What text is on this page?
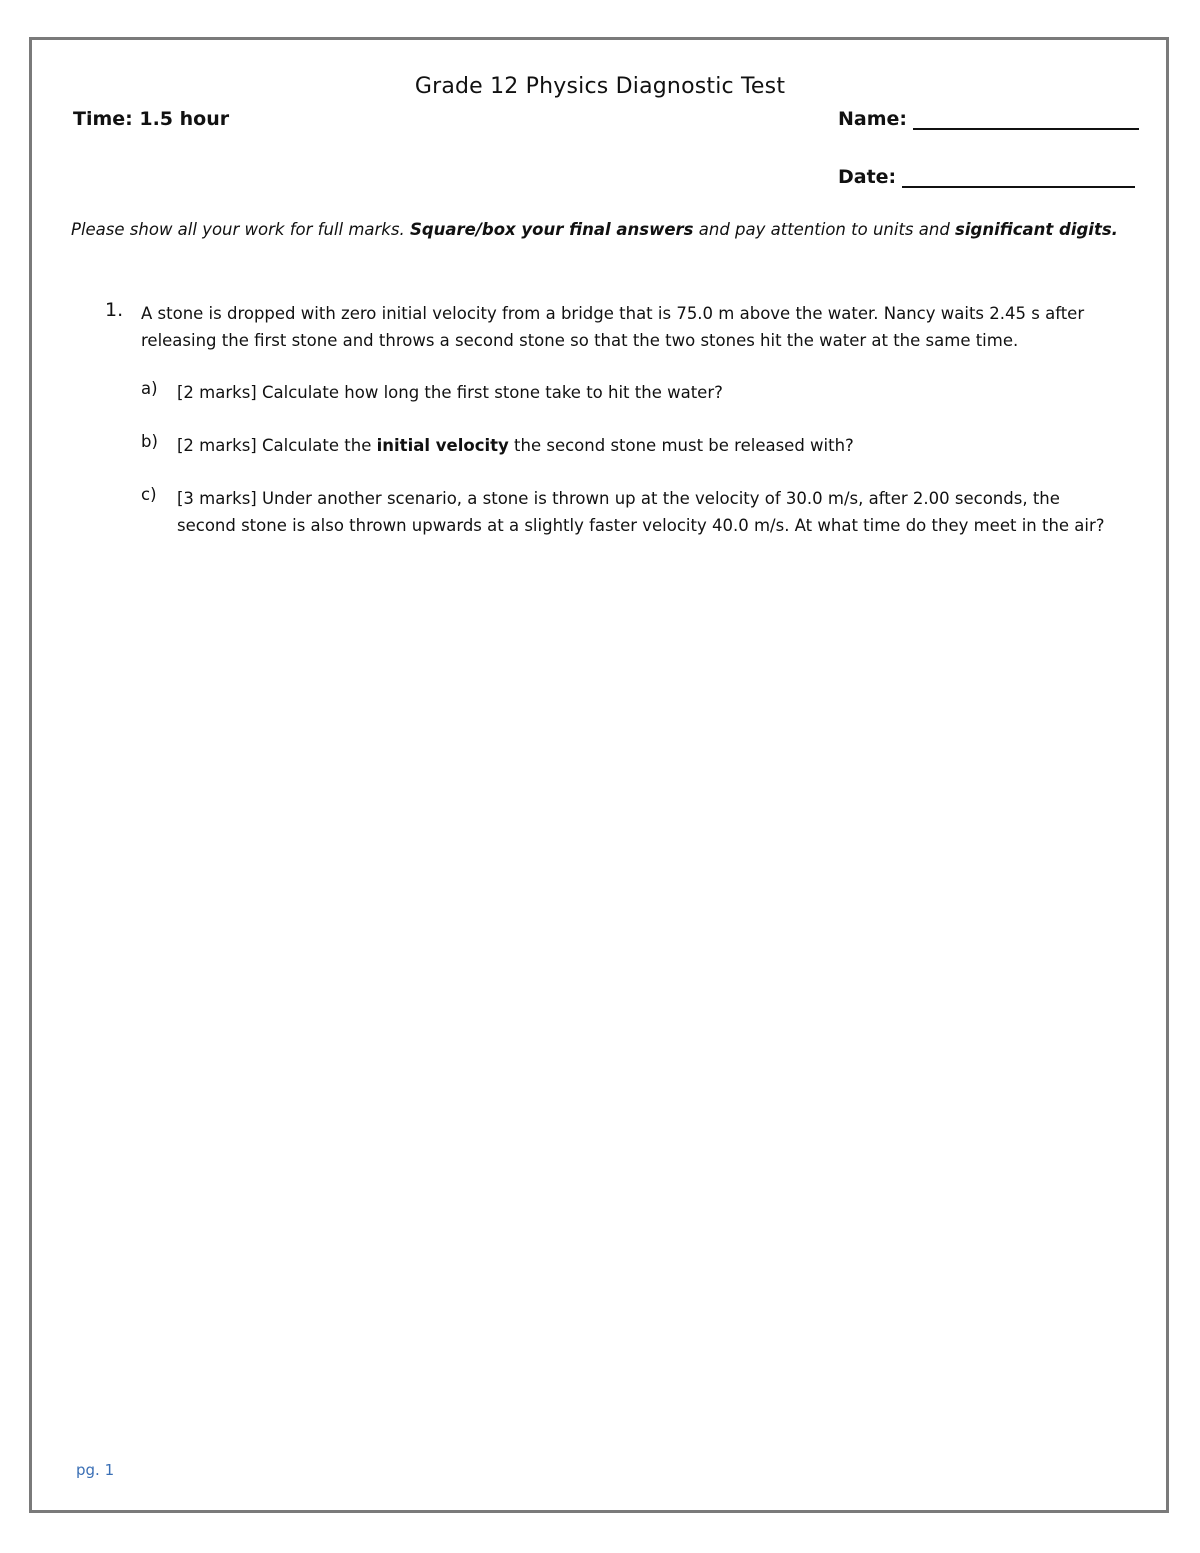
Grade 12 Physics Diagnostic Test
Time: 1.5 hour	Name:
Date:
Please show all your work for full marks. Square/box your final answers and pay attention to units and significant digits.
1. A stone is dropped with zero initial velocity from a bridge that is 75.0 m above the water. Nancy waits 2.45 s after releasing the first stone and throws a second stone so that the two stones hit the water at the same time.
a) [2 marks] Calculate how long the first stone take to hit the water?
b) [2 marks] Calculate the initial velocity the second stone must be released with?
c) [3 marks] Under another scenario, a stone is thrown up at the velocity of 30.0 m/s, after 2.00 seconds, the second stone is also thrown upwards at a slightly faster velocity 40.0 m/s. At what time do they meet in the air?
pg. 1
